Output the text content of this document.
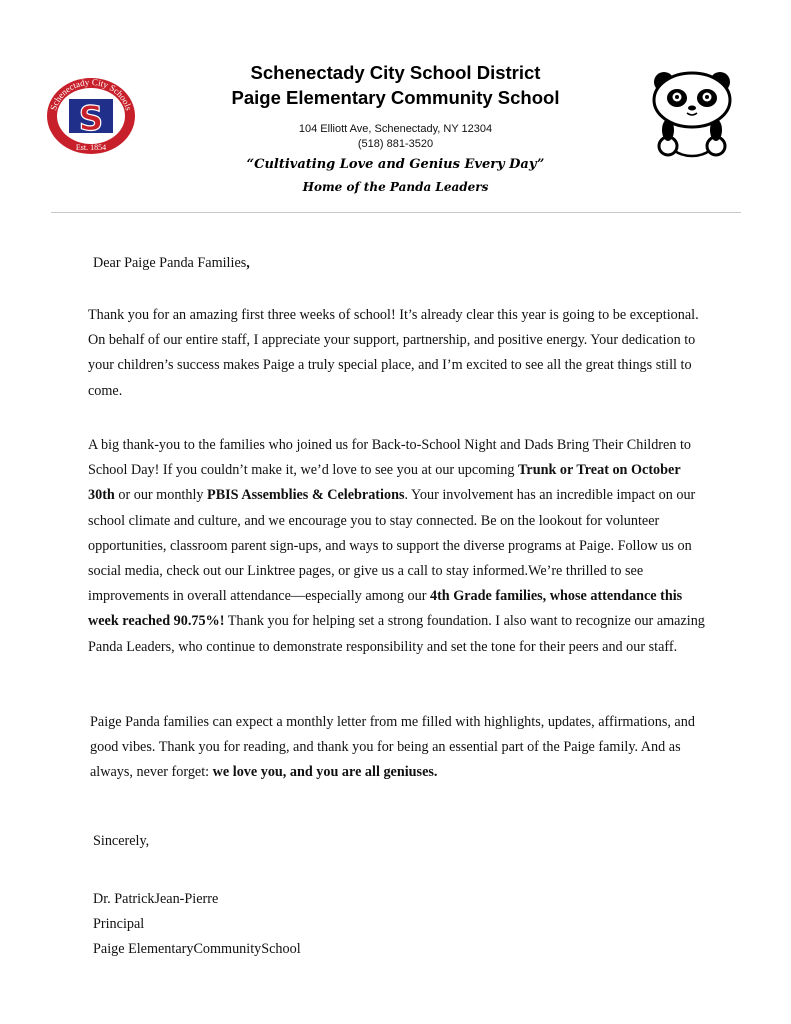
Schenectady City Schools
S
Est. 1854
Schenectady City School District
Paige Elementary Community School
104 Elliott Ave, Schenectady, NY 12304
(518) 881-3520
“Cultivating Love and Genius Every Day”
Home of the Panda Leaders
Dear Paige Panda Families,

Thank you for an amazing first three weeks of school! It’s already clear this year is going to be exceptional. On behalf of our entire staff, I appreciate your support, partnership, and positive energy. Your dedication to your children’s success makes Paige a truly special place, and I’m excited to see all the great things still to come.

A big thank-you to the families who joined us for Back-to-School Night and Dads Bring Their Children to School Day! If you couldn’t make it, we’d love to see you at our upcoming Trunk or Treat on October 30th or our monthly PBIS Assemblies & Celebrations. Your involvement has an incredible impact on our school climate and culture, and we encourage you to stay connected. Be on the lookout for volunteer opportunities, classroom parent sign-ups, and ways to support the diverse programs at Paige. Follow us on social media, check out our Linktree pages, or give us a call to stay informed.We’re thrilled to see improvements in overall attendance—especially among our 4th Grade families, whose attendance this week reached 90.75%! Thank you for helping set a strong foundation. I also want to recognize our amazing Panda Leaders, who continue to demonstrate responsibility and set the tone for their peers and our staff.

Paige Panda families can expect a monthly letter from me filled with highlights, updates, affirmations, and good vibes. Thank you for reading, and thank you for being an essential part of the Paige family. And as always, never forget: we love you, and you are all geniuses.

Sincerely,
Dr. PatrickJean-Pierre
Principal
Paige ElementaryCommunitySchool
